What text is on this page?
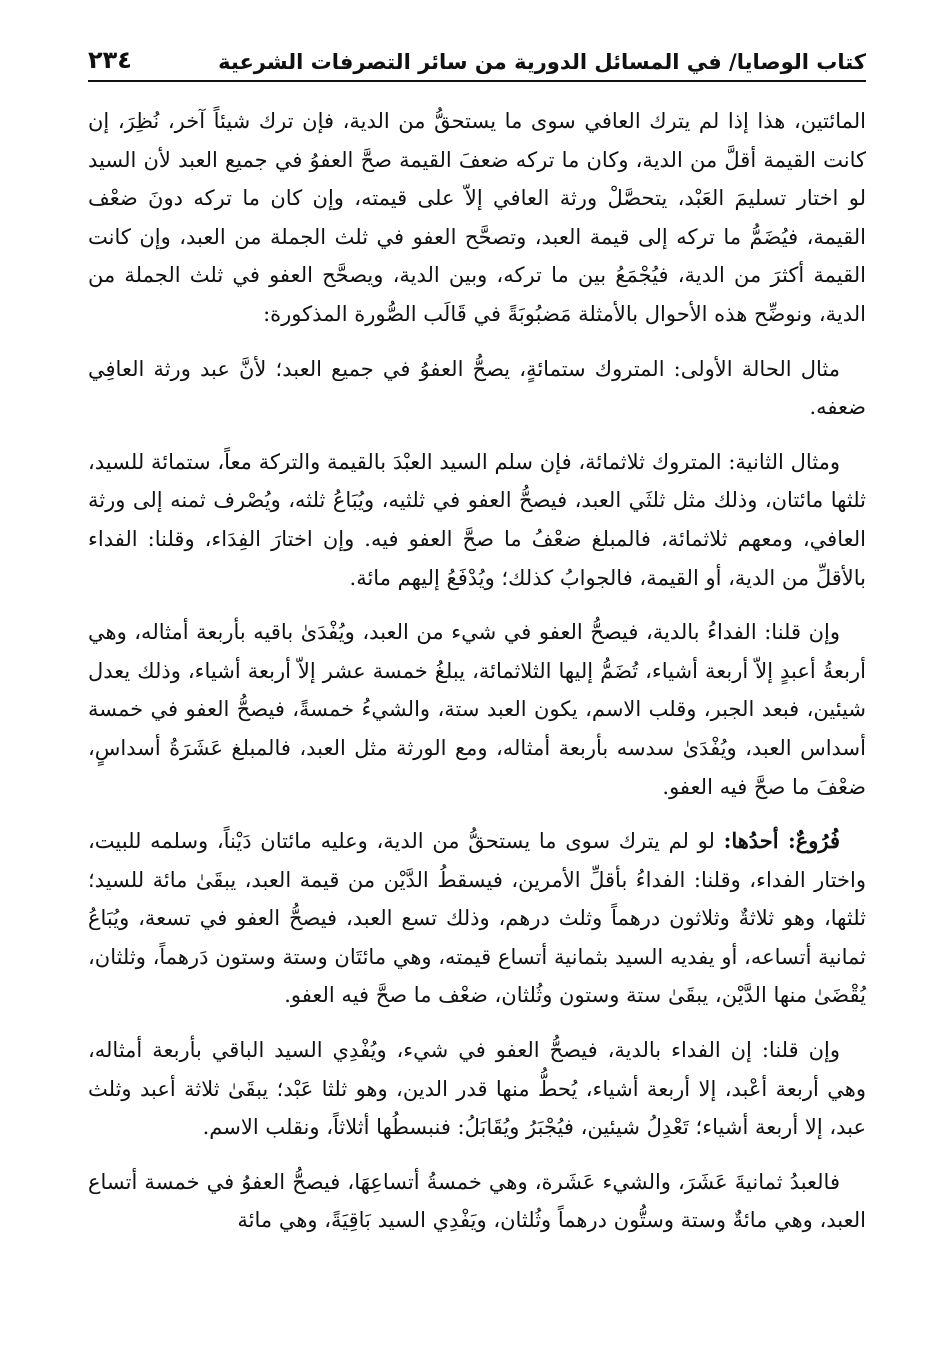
كتاب الوصايا/ في المسائل الدورية من سائر التصرفات الشرعية
٢٣٤

المائتين، هذا إذا لم يترك العافي سوى ما يستحقُّ من الدية، فإن ترك شيئاً آخر، نُظِرَ، إن كانت القيمة أقلَّ من الدية، وكان ما تركه ضعفَ القيمة صحَّ العفوُ في جميع العبد لأن السيد لو اختار تسليمَ العَبْد، يتحصَّلْ ورثة العافي إلاّ على قيمته، وإن كان ما تركه دونَ ضعْف القيمة، فيُضَمُّ ما تركه إلى قيمة العبد، وتصحَّح العفو في ثلث الجملة من العبد، وإن كانت القيمة أكثرَ من الدية، فيُجْمَعُ بين ما تركه، وبين الدية، ويصحَّح العفو في ثلث الجملة من الدية، ونوضِّح هذه الأحوال بالأمثلة مَضبُوبَةً في قَالَب الصُّورة المذكورة:

مثال الحالة الأولى: المتروك ستمائةٍ، يصحُّ العفوُ في جميع العبد؛ لأنَّ عبد ورثة العافِي ضعفه.

ومثال الثانية: المتروك ثلاثمائة، فإن سلم السيد العبْدَ بالقيمة والتركة معاً، ستمائة للسيد، ثلثها مائتان، وذلك مثل ثلثَي العبد، فيصحُّ العفو في ثلثيه، ويُبَاعُ ثلثه، ويُصْرف ثمنه إلى ورثة العافي، ومعهم ثلاثمائة، فالمبلغ ضعْفُ ما صحَّ العفو فيه. وإن اختارَ الفِدَاء، وقلنا: الفداء بالأقلِّ من الدية، أو القيمة، فالجوابُ كذلك؛ ويُدْفَعُ إليهم مائة.

وإن قلنا: الفداءُ بالدية، فيصحُّ العفو في شيء من العبد، ويُفْدَىٰ باقيه بأربعة أمثاله، وهي أربعةُ أعبدٍ إلاّ أربعة أشياء، تُضَمُّ إليها الثلاثمائة، يبلغُ خمسة عشر إلاّ أربعة أشياء، وذلك يعدل شيئين، فبعد الجبر، وقلب الاسم، يكون العبد ستة، والشيءُ خمسةً، فيصحُّ العفو في خمسة أسداس العبد، ويُفْدَىٰ سدسه بأربعة أمثاله، ومع الورثة مثل العبد، فالمبلغ عَشَرَةُ أسداسٍ، ضعْفَ ما صحَّ فيه العفو.

فُرُوعٌ: أحدُها: لو لم يترك سوى ما يستحقُّ من الدية، وعليه مائتان دَيْناً، وسلمه للبيت، واختار الفداء، وقلنا: الفداءُ بأقلِّ الأمرين، فيسقطُ الدَّيْن من قيمة العبد، يبقَىٰ مائة للسيد؛ ثلثها، وهو ثلاثةٌ وثلاثون درهماً وثلث درهم، وذلك تسع العبد، فيصحُّ العفو في تسعة، ويُبَاعُ ثمانية أتساعه، أو يفديه السيد بثمانية أتساع قيمته، وهي مائتَان وستة وستون دَرهماً، وثلثان، يُقْضَىٰ منها الدَّيْن، يبقَىٰ ستة وستون وثُلثان، ضعْف ما صحَّ فيه العفو.

وإن قلنا: إن الفداء بالدية، فيصحُّ العفو في شيء، ويُفْدِي السيد الباقي بأربعة أمثاله، وهي أربعة أعْبد، إلا أربعة أشياء، يُحطُّ منها قدر الدين، وهو ثلثا عَبْد؛ يبقَىٰ ثلاثة أعبد وثلث عبد، إلا أربعة أشياء؛ تَعْدِلُ شيئين، فيُجْبَرُ ويُقَابَلُ: فنبسطُها أثلاثاً، ونقلب الاسم.

فالعبدُ ثمانيةَ عَشَرَ، والشيء عَشَرة، وهي خمسةُ أتساعِهَا، فيصحُّ العفوُ في خمسة أتساع العبد، وهي مائةٌ وستة وستُّون درهماً وثُلثان، ويَفْدِي السيد بَاقِيَةً، وهي مائة
